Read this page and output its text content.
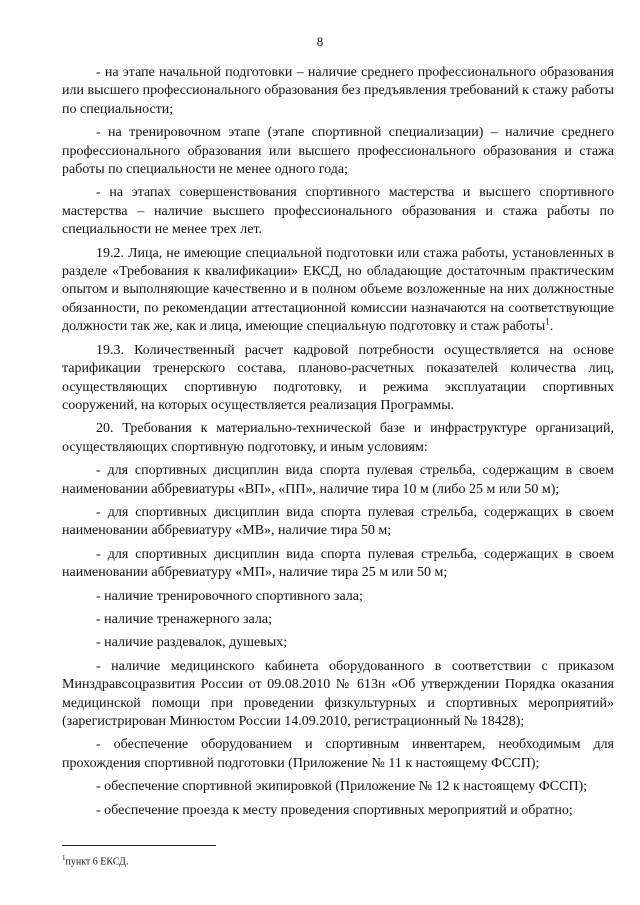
8

- на этапе начальной подготовки – наличие среднего профессионального образования или высшего профессионального образования без предъявления требований к стажу работы по специальности;

- на тренировочном этапе (этапе спортивной специализации) – наличие среднего профессионального образования или высшего профессионального образования и стажа работы по специальности не менее одного года;

- на этапах совершенствования спортивного мастерства и высшего спортивного мастерства – наличие высшего профессионального образования и стажа работы по специальности не менее трех лет.

19.2. Лица, не имеющие специальной подготовки или стажа работы, установленных в разделе «Требования к квалификации» ЕКСД, но обладающие достаточным практическим опытом и выполняющие качественно и в полном объеме возложенные на них должностные обязанности, по рекомендации аттестационной комиссии назначаются на соответствующие должности так же, как и лица, имеющие специальную подготовку и стаж работы$^1$.

19.3. Количественный расчет кадровой потребности осуществляется на основе тарификации тренерского состава, планово-расчетных показателей количества лиц, осуществляющих спортивную подготовку, и режима эксплуатации спортивных сооружений, на которых осуществляется реализация Программы.

20. Требования к материально-технической базе и инфраструктуре организаций, осуществляющих спортивную подготовку, и иным условиям:

- для спортивных дисциплин вида спорта пулевая стрельба, содержащим в своем наименовании аббревиатуры «ВП», «ПП», наличие тира 10 м (либо 25 м или 50 м);

- для спортивных дисциплин вида спорта пулевая стрельба, содержащих в своем наименовании аббревиатуру «МВ», наличие тира 50 м;

- для спортивных дисциплин вида спорта пулевая стрельба, содержащих в своем наименовании аббревиатуру «МП», наличие тира 25 м или 50 м;

- наличие тренировочного спортивного зала;

- наличие тренажерного зала;

- наличие раздевалок, душевых;

- наличие медицинского кабинета оборудованного в соответствии с приказом Минздравсоцразвития России от 09.08.2010 № 613н «Об утверждении Порядка оказания медицинской помощи при проведении физкультурных и спортивных мероприятий» (зарегистрирован Минюстом России 14.09.2010, регистрационный № 18428);

- обеспечение оборудованием и спортивным инвентарем, необходимым для прохождения спортивной подготовки (Приложение № 11 к настоящему ФССП);

- обеспечение спортивной экипировкой (Приложение № 12 к настоящему ФССП);

- обеспечение проезда к месту проведения спортивных мероприятий и обратно;

$^1$пункт 6 ЕКСД.
